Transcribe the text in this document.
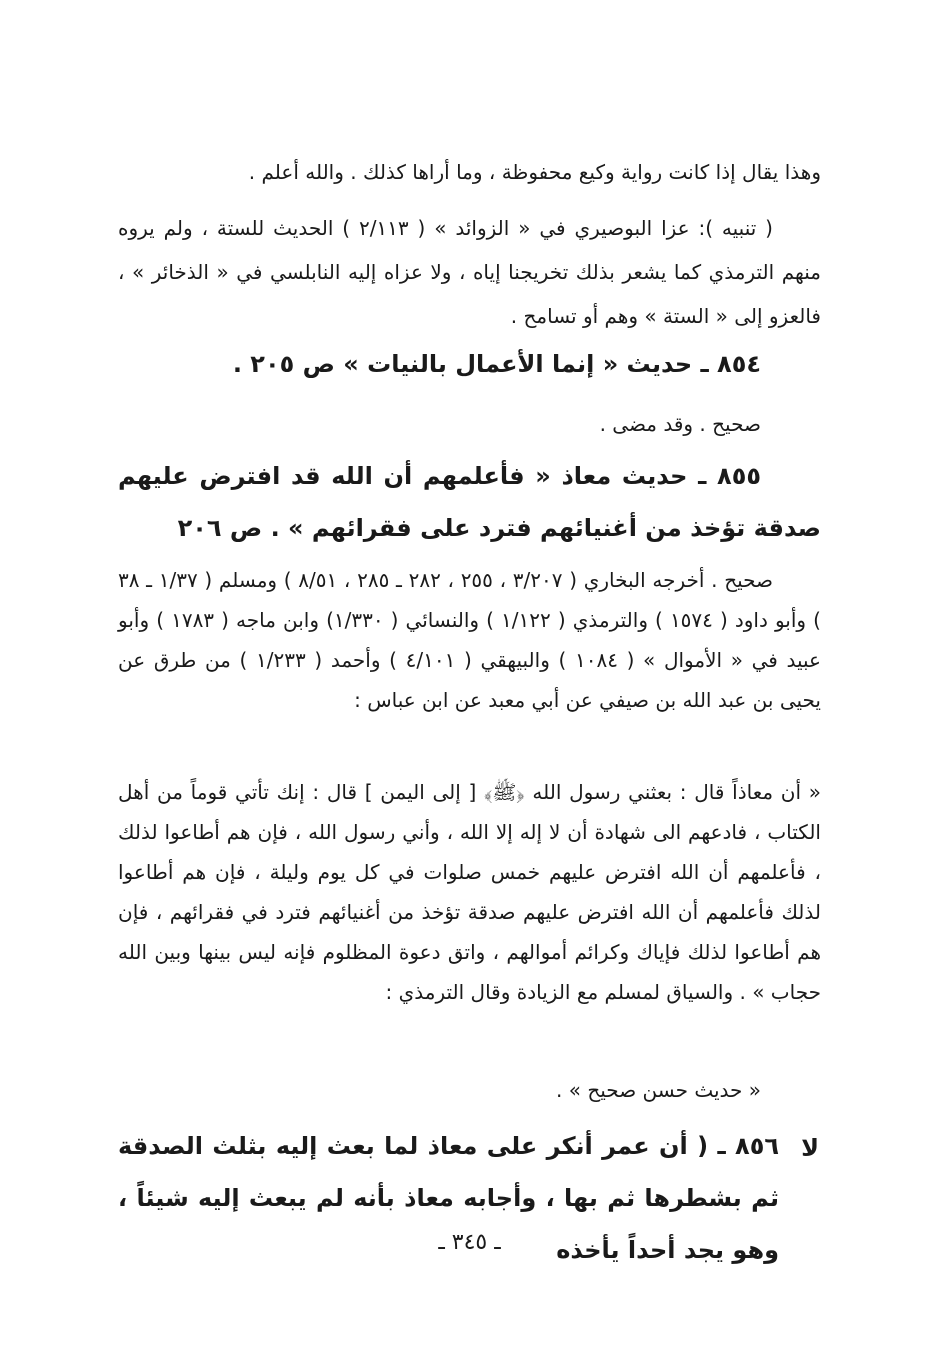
وهذا يقال إذا كانت رواية وكيع محفوظة ، وما أراها كذلك . والله أعلم .

( تنبيه ): عزا البوصيري في « الزوائد » ( ٢/١١٣ ) الحديث للستة ، ولم يروه منهم الترمذي كما يشعر بذلك تخريجنا إياه ، ولا عزاه إليه النابلسي في « الذخائر » ، فالعزو إلى « الستة » وهم أو تسامح .

٨٥٤ ـ حديث « إنما الأعمال بالنيات » ص ٢٠٥ .

صحيح . وقد مضى .

٨٥٥ ـ حديث معاذ « فأعلمهم أن الله قد افترض عليهم صدقة تؤخذ من أغنيائهم فترد على فقرائهم » . ص ٢٠٦

صحيح . أخرجه البخاري ( ٣/٢٠٧ ، ٢٥٥ ، ٢٨٢ ـ ٢٨٥ ، ٨/٥١ ) ومسلم ( ١/٣٧ ـ ٣٨ ) وأبو داود ( ١٥٧٤ ) والترمذي ( ١/١٢٢ ) والنسائي ( ١/٣٣٠) وابن ماجه ( ١٧٨٣ ) وأبو عبيد في « الأموال » ( ١٠٨٤ ) والبيهقي ( ٤/١٠١ ) وأحمد ( ١/٢٣٣ ) من طرق عن يحيى بن عبد الله بن صيفي عن أبي معبد عن ابن عباس :

« أن معاذاً قال : بعثني رسول الله ﴿ﷺ﴾ [ إلى اليمن ] قال : إنك تأتي قوماً من أهل الكتاب ، فادعهم الى شهادة أن لا إله إلا الله ، وأني رسول الله ، فإن هم أطاعوا لذلك ، فأعلمهم أن الله افترض عليهم خمس صلوات في كل يوم وليلة ، فإن هم أطاعوا لذلك فأعلمهم أن الله افترض عليهم صدقة تؤخذ من أغنيائهم فترد في فقرائهم ، فإن هم أطاعوا لذلك فإياك وكرائم أموالهم ، واتق دعوة المظلوم فإنه ليس بينها وبين الله حجاب » . والسياق لمسلم مع الزيادة وقال الترمذي :

« حديث حسن صحيح » .

ﻻ

٨٥٦ ـ ( أن عمر أنكر على معاذ لما بعث إليه بثلث الصدقة ثم بشطرها ثم بها ، وأجابه معاذ بأنه لم يبعث إليه شيئاً ، وهو يجد أحداً يأخذه

ـ ٣٤٥ ـ
